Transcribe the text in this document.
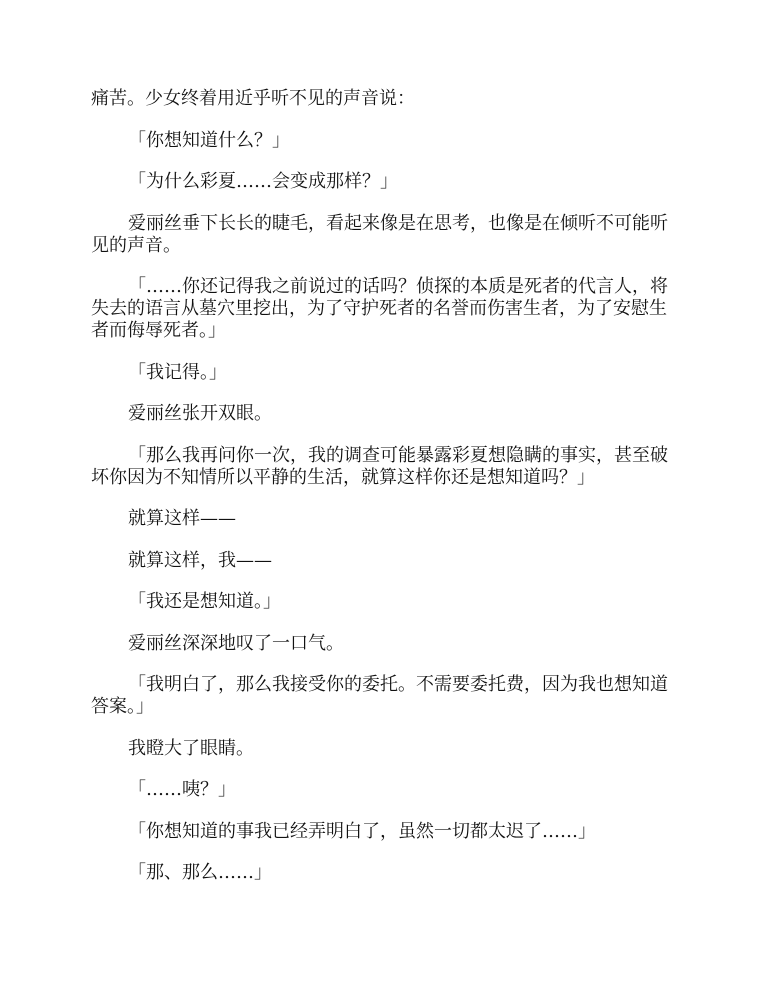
痛苦。少女终着用近乎听不见的声音说：

「你想知道什么？」

「为什么彩夏……会变成那样？」

爱丽丝垂下长长的睫毛，看起来像是在思考，也像是在倾听不可能听见的声音。

「……你还记得我之前说过的话吗？侦探的本质是死者的代言人，将失去的语言从墓穴里挖出，为了守护死者的名誉而伤害生者，为了安慰生者而侮辱死者。」

「我记得。」

爱丽丝张开双眼。

「那么我再问你一次，我的调查可能暴露彩夏想隐瞒的事实，甚至破坏你因为不知情所以平静的生活，就算这样你还是想知道吗？」

就算这样——

就算这样，我——

「我还是想知道。」

爱丽丝深深地叹了一口气。

「我明白了，那么我接受你的委托。不需要委托费，因为我也想知道答案。」

我瞪大了眼睛。

「……咦？」

「你想知道的事我已经弄明白了，虽然一切都太迟了……」

「那、那么……」
